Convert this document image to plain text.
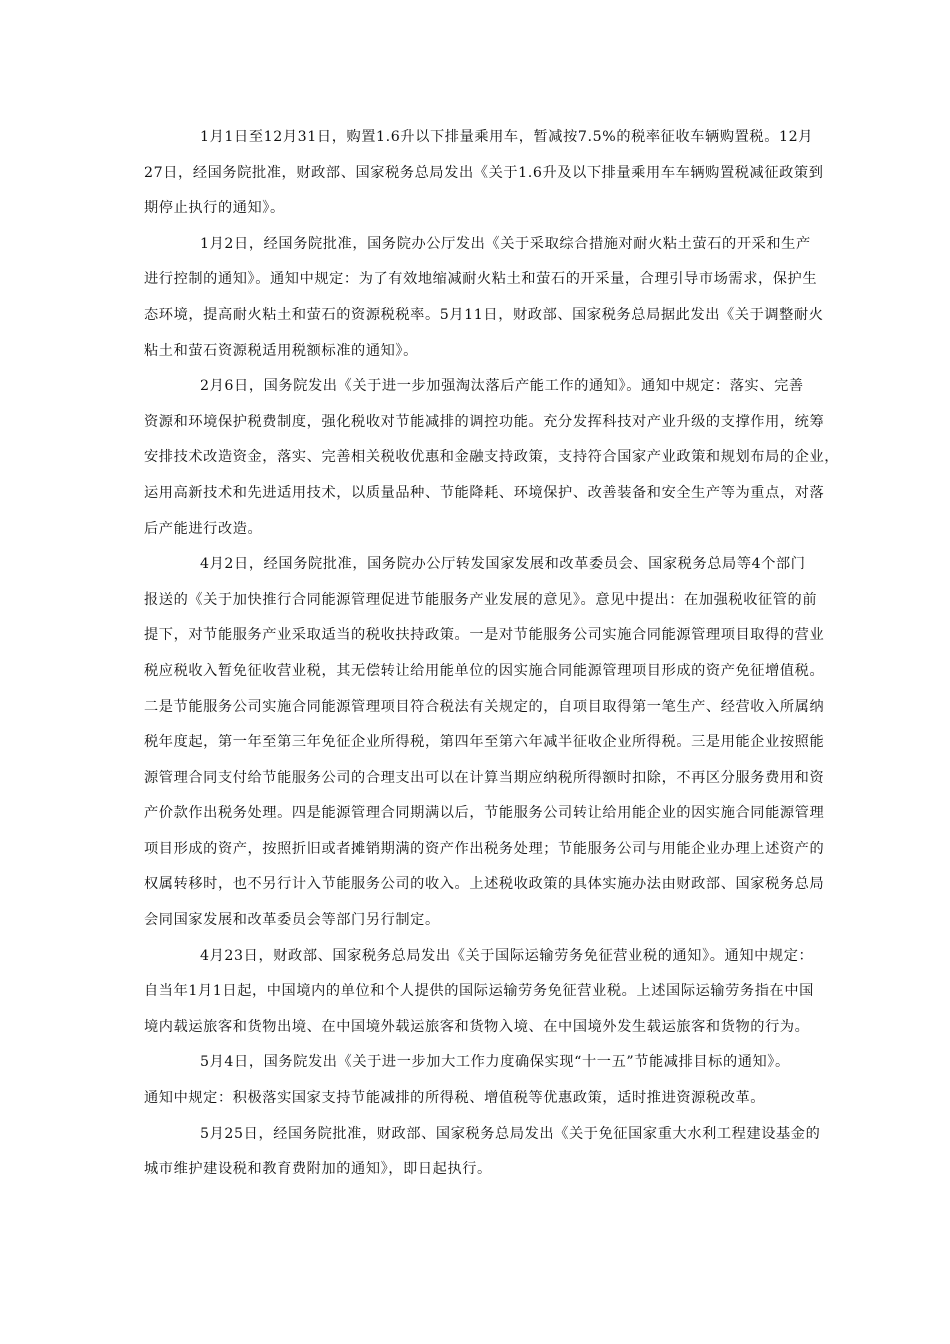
1月1日至12月31日，购置1.6升以下排量乘用车，暂减按7.5%的税率征收车辆购置税。12月
27日，经国务院批准，财政部、国家税务总局发出《关于1.6升及以下排量乘用车车辆购置税减征政策到
期停止执行的通知》。
1月2日，经国务院批准，国务院办公厅发出《关于采取综合措施对耐火粘土萤石的开采和生产
进行控制的通知》。通知中规定：为了有效地缩减耐火粘土和萤石的开采量，合理引导市场需求，保护生
态环境，提高耐火粘土和萤石的资源税税率。5月11日，财政部、国家税务总局据此发出《关于调整耐火
粘土和萤石资源税适用税额标准的通知》。
2月6日，国务院发出《关于进一步加强淘汰落后产能工作的通知》。通知中规定：落实、完善
资源和环境保护税费制度，强化税收对节能减排的调控功能。充分发挥科技对产业升级的支撑作用，统筹
安排技术改造资金，落实、完善相关税收优惠和金融支持政策，支持符合国家产业政策和规划布局的企业，
运用高新技术和先进适用技术，以质量品种、节能降耗、环境保护、改善装备和安全生产等为重点，对落
后产能进行改造。
4月2日，经国务院批准，国务院办公厅转发国家发展和改革委员会、国家税务总局等4个部门
报送的《关于加快推行合同能源管理促进节能服务产业发展的意见》。意见中提出：在加强税收征管的前
提下，对节能服务产业采取适当的税收扶持政策。一是对节能服务公司实施合同能源管理项目取得的营业
税应税收入暂免征收营业税，其无偿转让给用能单位的因实施合同能源管理项目形成的资产免征增值税。
二是节能服务公司实施合同能源管理项目符合税法有关规定的，自项目取得第一笔生产、经营收入所属纳
税年度起，第一年至第三年免征企业所得税，第四年至第六年减半征收企业所得税。三是用能企业按照能
源管理合同支付给节能服务公司的合理支出可以在计算当期应纳税所得额时扣除，不再区分服务费用和资
产价款作出税务处理。四是能源管理合同期满以后，节能服务公司转让给用能企业的因实施合同能源管理
项目形成的资产，按照折旧或者摊销期满的资产作出税务处理；节能服务公司与用能企业办理上述资产的
权属转移时，也不另行计入节能服务公司的收入。上述税收政策的具体实施办法由财政部、国家税务总局
会同国家发展和改革委员会等部门另行制定。
4月23日，财政部、国家税务总局发出《关于国际运输劳务免征营业税的通知》。通知中规定：
自当年1月1日起，中国境内的单位和个人提供的国际运输劳务免征营业税。上述国际运输劳务指在中国
境内载运旅客和货物出境、在中国境外载运旅客和货物入境、在中国境外发生载运旅客和货物的行为。
5月4日，国务院发出《关于进一步加大工作力度确保实现“十一五”节能减排目标的通知》。
通知中规定：积极落实国家支持节能减排的所得税、增值税等优惠政策，适时推进资源税改革。
5月25日，经国务院批准，财政部、国家税务总局发出《关于免征国家重大水利工程建设基金的
城市维护建设税和教育费附加的通知》，即日起执行。
